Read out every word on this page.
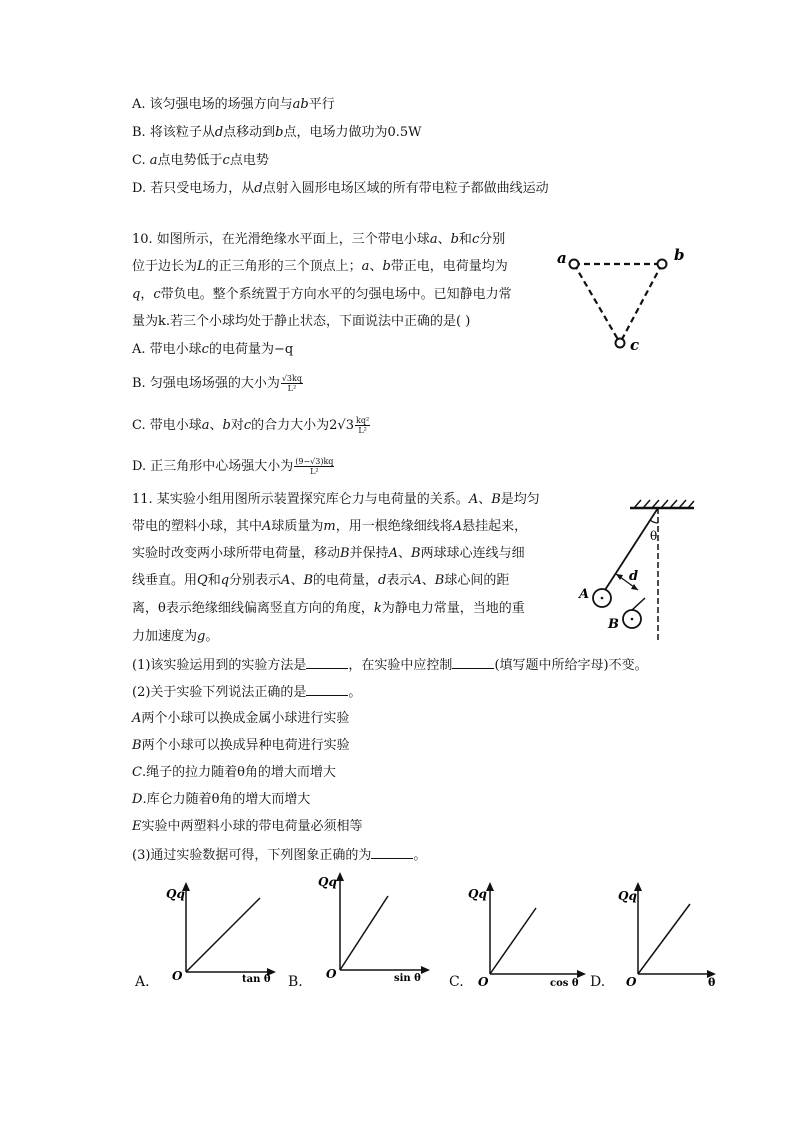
A. 该匀强电场的场强方向与ab平行
B. 将该粒子从d点移动到b点，电场力做功为0.5W
C. a点电势低于c点电势
D. 若只受电场力，从d点射入圆形电场区域的所有带电粒子都做曲线运动
10. 如图所示，在光滑绝缘水平面上，三个带电小球a、b和c分别
位于边长为L的正三角形的三个顶点上；a、b带正电，电荷量均为
q，c带负电。整个系统置于方向水平的匀强电场中。已知静电力常
量为k.若三个小球均处于静止状态，下面说法中正确的是( )
A. 带电小球c的电荷量为−q
B. 匀强电场场强的大小为 $\frac{√3kq}{\text{L²}}$
C. 带电小球a、b对c的合力大小为$2√3 \frac{\text{kq²}}{\text{L²}}$
D. 正三角形中心场强大小为 $\frac{(9-√3)kq}{\text{L²}}$
a	b
c
11. 某实验小组用图所示装置探究库仑力与电荷量的关系。A、B是均匀
带电的塑料小球，其中A球质量为m，用一根绝缘细线将A悬挂起来，
实验时改变两小球所带电荷量，移动B并保持A、B两球球心连线与细
线垂直。用Q和q分别表示A、B的电荷量，d表示A、B球心间的距
离，θ表示绝缘细线偏离竖直方向的角度，k为静电力常量，当地的重
力加速度为g。
(1)该实验运用到的实验方法是	，在实验中应控制	(填写题中所给字母)不变。
(2)关于实验下列说法正确的是	。
A两个小球可以换成金属小球进行实验
B两个小球可以换成异种电荷进行实验
C.绳子的拉力随着θ角的增大而增大
D.库仑力随着θ角的增大而增大
E实验中两塑料小球的带电荷量必须相等
(3)通过实验数据可得，下列图象正确的为	。
θ
d
A
B
A.
Qq
O	tan θ B.
Qq
O	sin θ C.
Qq
O	cos θ D.
Qq
O	θ
